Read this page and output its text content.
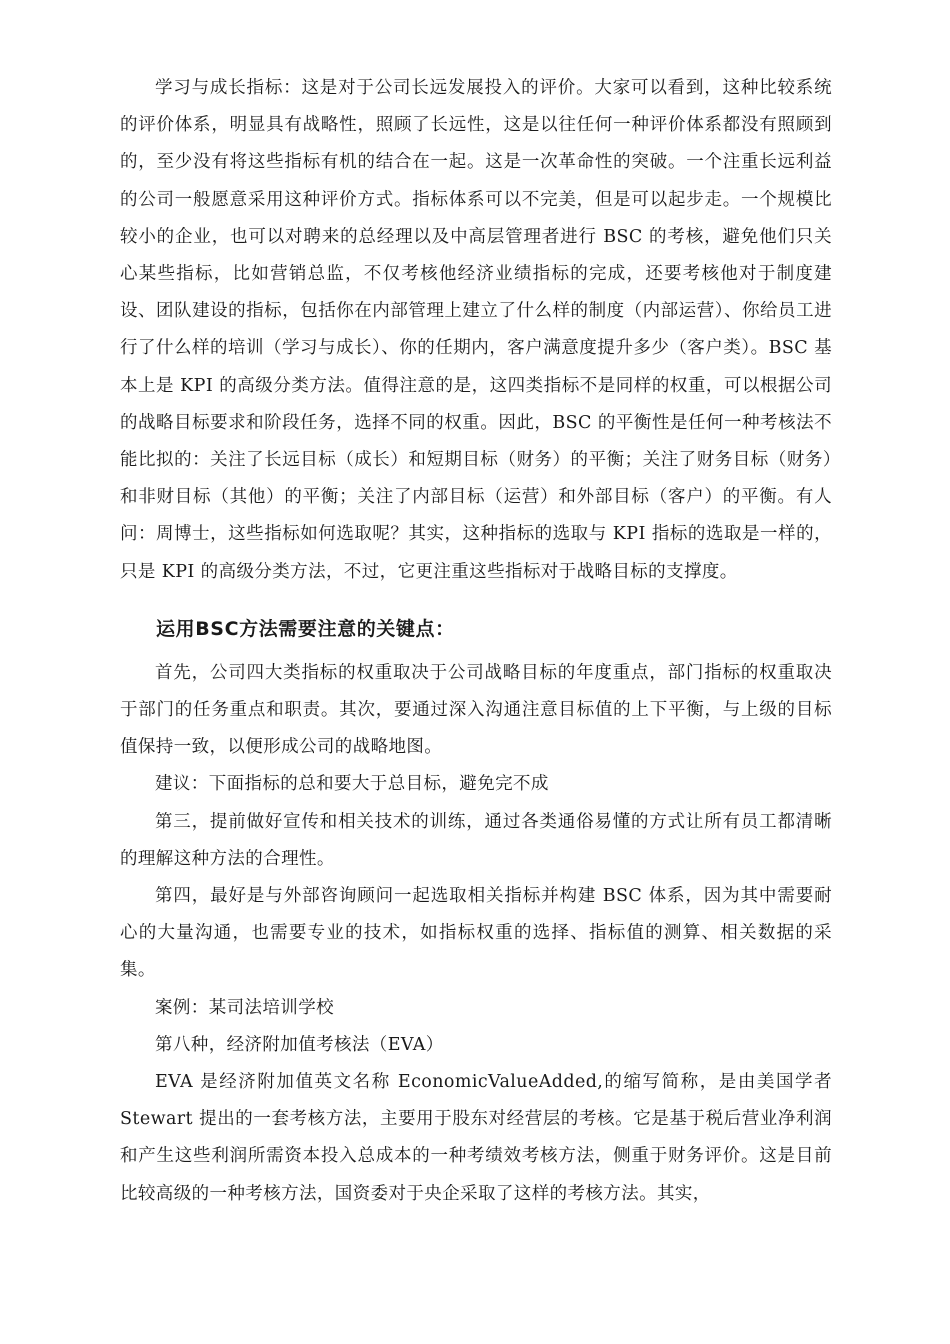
学习与成长指标：这是对于公司长远发展投入的评价。大家可以看到，这种比较系统的评价体系，明显具有战略性，照顾了长远性，这是以往任何一种评价体系都没有照顾到的，至少没有将这些指标有机的结合在一起。这是一次革命性的突破。一个注重长远利益的公司一般愿意采用这种评价方式。指标体系可以不完美，但是可以起步走。一个规模比较小的企业，也可以对聘来的总经理以及中高层管理者进行 BSC 的考核，避免他们只关心某些指标，比如营销总监，不仅考核他经济业绩指标的完成，还要考核他对于制度建设、团队建设的指标，包括你在内部管理上建立了什么样的制度（内部运营）、你给员工进行了什么样的培训（学习与成长）、你的任期内，客户满意度提升多少（客户类）。BSC 基本上是 KPI 的高级分类方法。值得注意的是，这四类指标不是同样的权重，可以根据公司的战略目标要求和阶段任务，选择不同的权重。因此，BSC 的平衡性是任何一种考核法不能比拟的：关注了长远目标（成长）和短期目标（财务）的平衡；关注了财务目标（财务）和非财目标（其他）的平衡；关注了内部目标（运营）和外部目标（客户）的平衡。有人问：周博士，这些指标如何选取呢？其实，这种指标的选取与 KPI 指标的选取是一样的，只是 KPI 的高级分类方法，不过，它更注重这些指标对于战略目标的支撑度。

运用BSC方法需要注意的关键点：

首先，公司四大类指标的权重取决于公司战略目标的年度重点，部门指标的权重取决于部门的任务重点和职责。其次，要通过深入沟通注意目标值的上下平衡，与上级的目标值保持一致，以便形成公司的战略地图。

建议：下面指标的总和要大于总目标，避免完不成

第三，提前做好宣传和相关技术的训练，通过各类通俗易懂的方式让所有员工都清晰的理解这种方法的合理性。

第四，最好是与外部咨询顾问一起选取相关指标并构建 BSC 体系，因为其中需要耐心的大量沟通，也需要专业的技术，如指标权重的选择、指标值的测算、相关数据的采集。

案例：某司法培训学校

第八种，经济附加值考核法（EVA）

EVA 是经济附加值英文名称 EconomicValueAdded,的缩写简称，是由美国学者 Stewart 提出的一套考核方法，主要用于股东对经营层的考核。它是基于税后营业净利润和产生这些利润所需资本投入总成本的一种考绩效考核方法，侧重于财务评价。这是目前比较高级的一种考核方法，国资委对于央企采取了这样的考核方法。其实，
